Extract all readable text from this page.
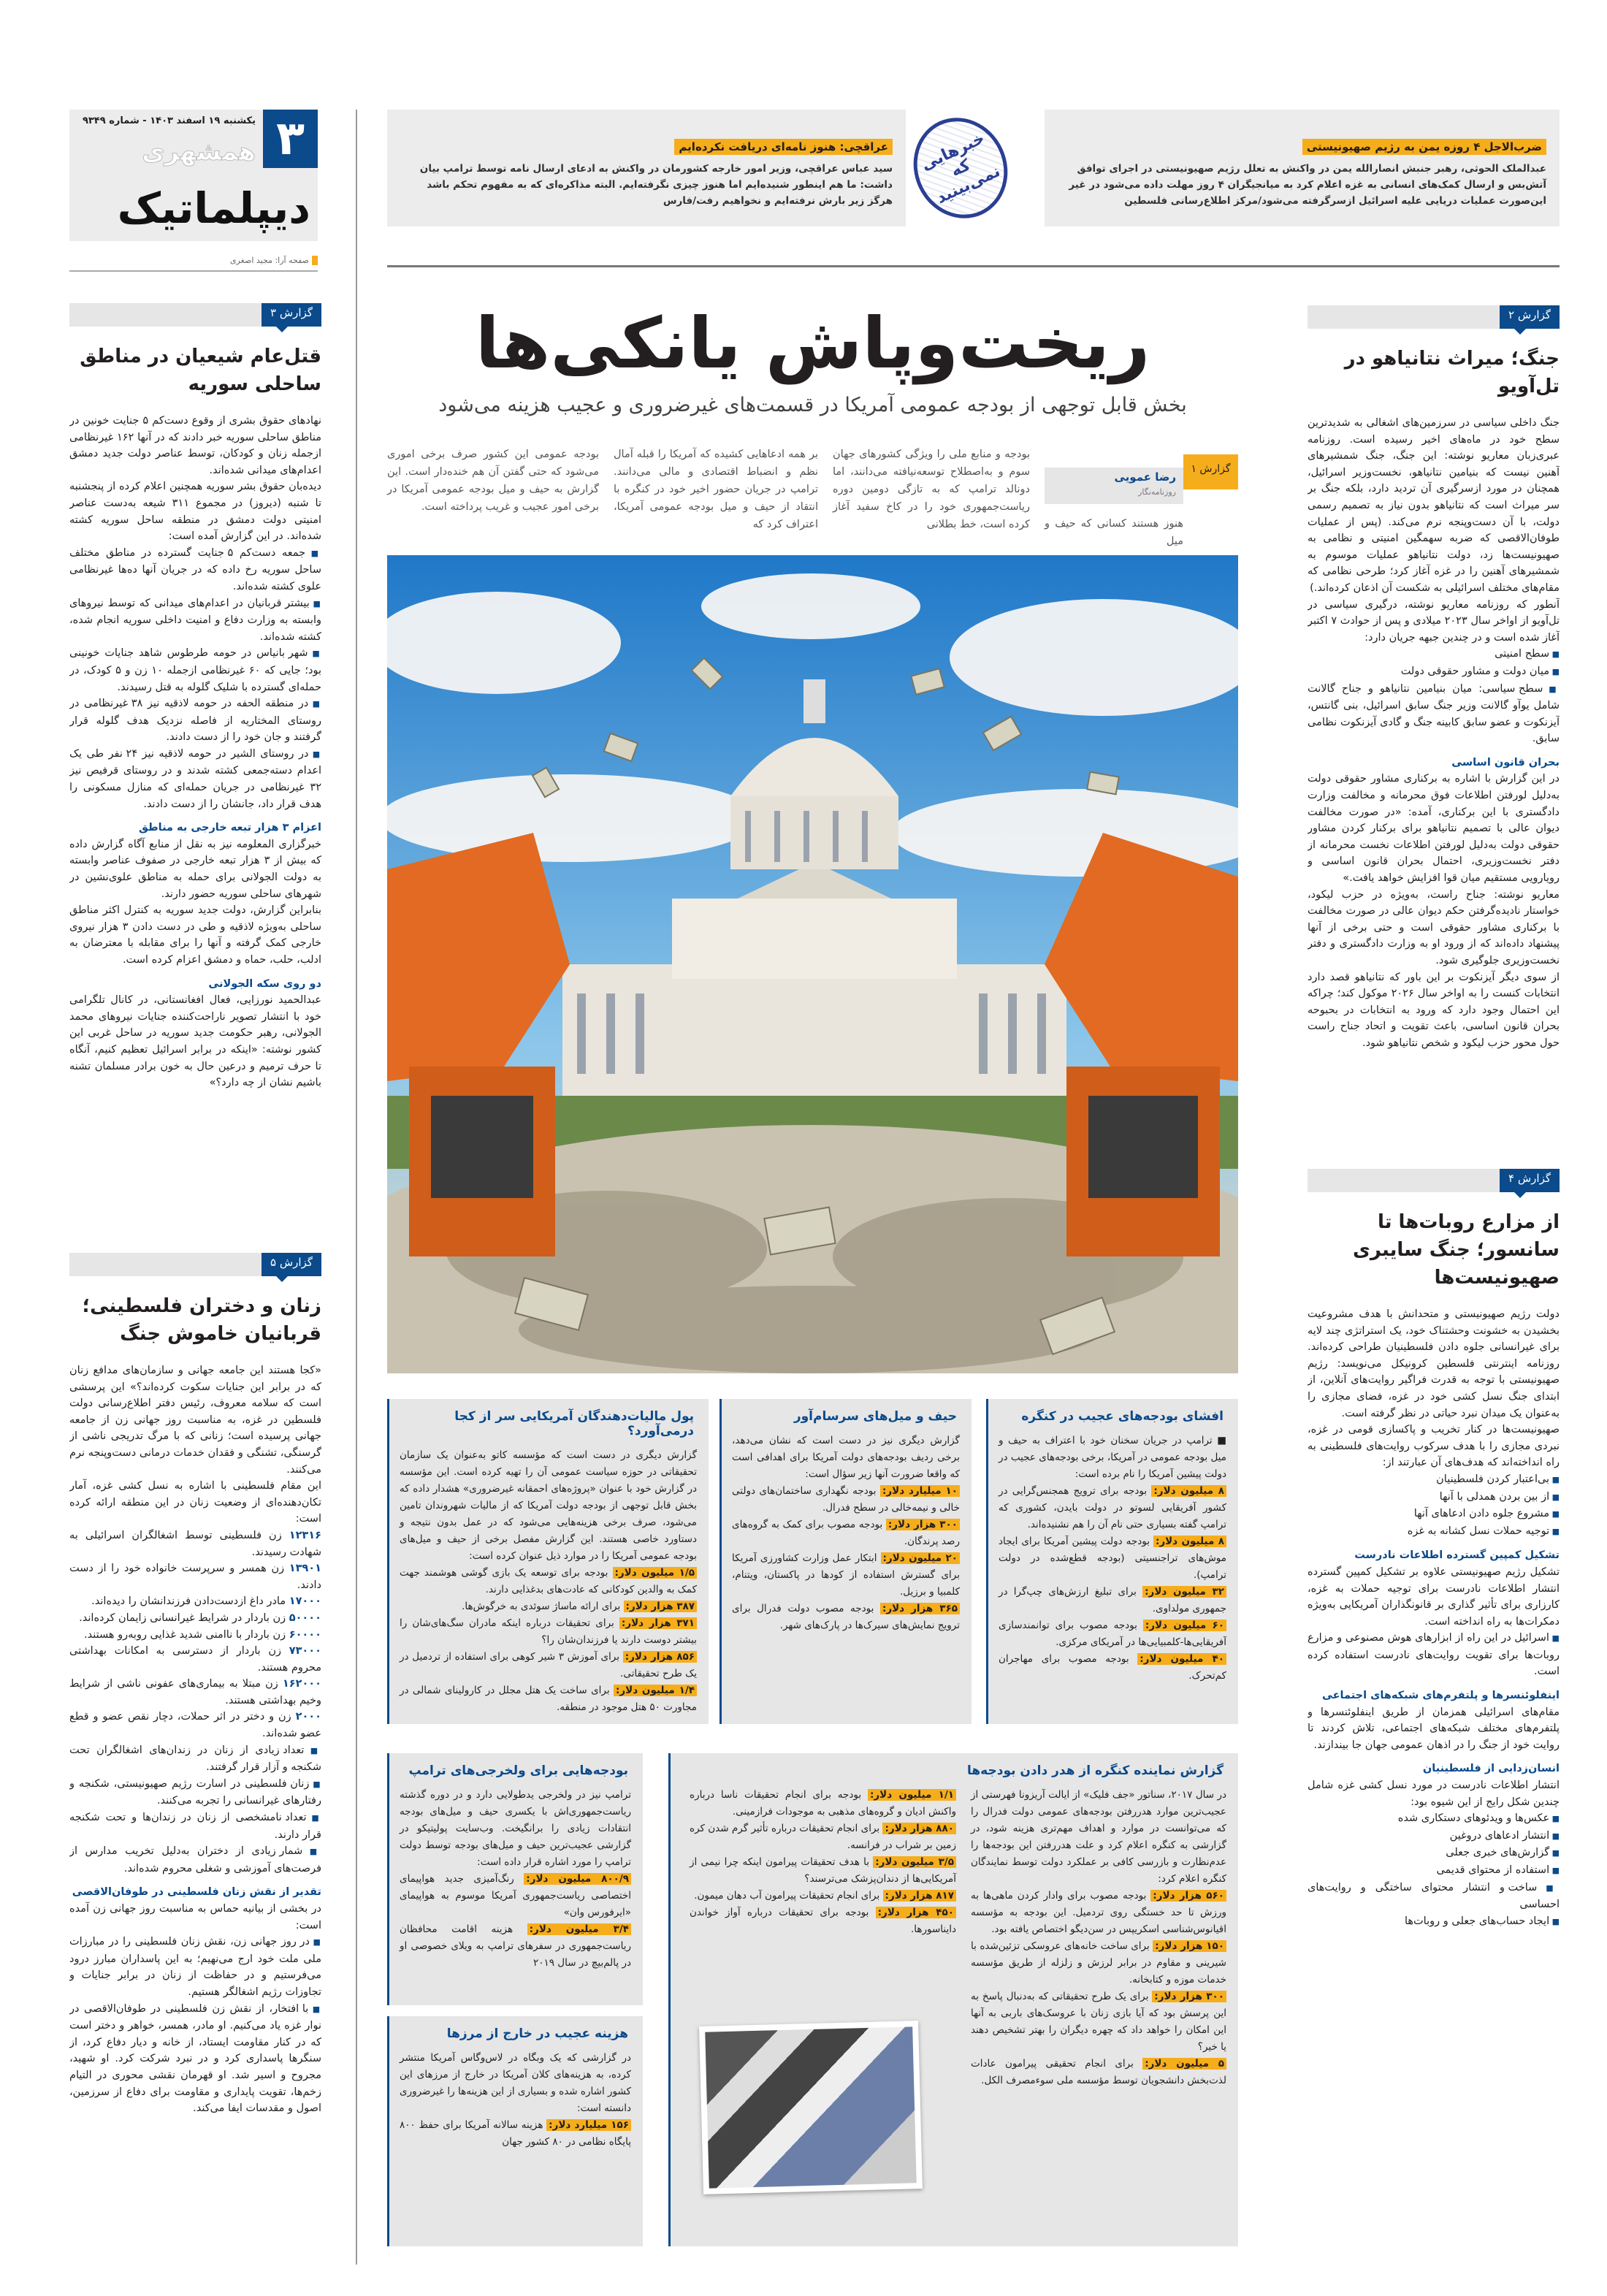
۳
یکشنبه ۱۹ اسفند ۱۴۰۳ - شماره ۹۳۴۹
همشهری
دیپلماتیک
صفحه آرا: مجید اصغری
ضرب‌الاجل ۴ روزه یمن به رژیم صهیونیستی

عبدالملک الحوثی، رهبر جنبش انصارالله یمن در واکنش به تعلل رژیم صهیونیستی در اجرای توافق آتش‌بس و ارسال کمک‌های انسانی به غزه اعلام کرد به میانجیگران ۴ روز مهلت داده می‌شود در غیر این‌صورت عملیات دریایی علیه اسرائیل ازسرگرفته می‌شود/مرکز اطلاع‌رسانی فلسطین

خبرهایی که نمی‌بینید
عراقچی: هنوز نامه‌ای دریافت نکرده‌ایم

سید عباس عراقچی، وزیر امور خارجه کشورمان در واکنش به ادعای ارسال نامه توسط ترامپ بیان داشت: ما هم اینطور شنیده‌ایم اما هنوز چیزی نگرفته‌ایم. البته مذاکره‌ای که به مفهوم تحکم باشد هرگز زیر بارش نرفته‌ایم و نخواهیم رفت/فارس

ریخت‌وپاش یانکی‌ها
بخش قابل توجهی از بودجه عمومی آمریکا در قسمت‌های غیرضروری و عجیب هزینه می‌شود
گزارش ۱
رضا عمویی
روزنامه‌نگار
هنوز هستند کسانی که حیف و میل
بودجه و منابع ملی را ویژگی کشورهای جهان سوم و به‌اصطلاح توسعه‌نیافته می‌دانند، اما دونالد ترامپ که به تازگی دومین دوره ریاست‌جمهوری خود را در کاخ سفید آغاز کرده است، خط بطلانی
بر همه ادعاهایی کشیده که آمریکا را قبله آمال نظم و انضباط اقتصادی و مالی می‌دانند. ترامپ در جریان حضور اخیر خود در کنگره با انتقاد از حیف و میل بودجه عمومی آمریکا، اعتراف کرد که
بودجه عمومی این کشور صرف برخی اموری می‌شود که حتی گفتن آن هم خنده‌دار است. این گزارش به حیف و میل بودجه عمومی آمریکا در برخی امور عجیب و غریب پرداخته است.
افشای بودجه‌های عجیب در کنگره
■ ترامپ در جریان سخنان خود با اعتراف به حیف و میل بودجه عمومی در آمریکا، برخی بودجه‌های عجیب در دولت پیشین آمریکا را نام برده است:
۸ میلیون دلار: بودجه برای ترویج همجنس‌گرایی در کشور آفریقایی لسوتو در دولت بایدن، کشوری که ترامپ گفته بسیاری حتی نام آن را هم نشنیده‌اند.
۸ میلیون دلار: بودجه دولت پیشین آمریکا برای ایجاد موش‌های تراجنسیتی (بودجه قطع‌شده در دولت ترامپ).
۳۲ میلیون دلار: برای تبلیغ ارزش‌های چپ‌گرا در جمهوری مولداوی.
۶۰ میلیون دلار: بودجه مصوب برای توانمندسازی آفریقایی‌ها-کلمبیایی‌ها در آمریکای مرکزی.
۴۰ میلیون دلار: بودجه مصوب برای مهاجران کم‌تحرک.
حیف و میل‌های سرسام‌آور
گزارش دیگری نیز در دست است که نشان می‌دهد، برخی ردیف بودجه‌های دولت آمریکا برای اهدافی است که واقعا ضرورت آنها زیر سؤال است:
۱۰ میلیارد دلار: بودجه نگهداری ساختمان‌های دولتی خالی و نیمه‌خالی در سطح فدرال.
۳۰۰ هزار دلار: بودجه مصوب برای کمک به گروه‌های رصد پرندگان.
۲۰ میلیون دلار: ابتکار عمل وزارت کشاورزی آمریکا برای گسترش استفاده از کودها در پاکستان، ویتنام، کلمبیا و برزیل.
۳۶۵ هزار دلار: بودجه مصوب دولت فدرال برای ترویج نمایش‌های سیرک‌ها در پارک‌های شهر.
پول مالیات‌دهندگان آمریکایی سر از کجا درمی‌آورد؟
گزارش دیگری در دست است که مؤسسه کاتو به‌عنوان یک سازمان تحقیقاتی در حوزه سیاست عمومی آن را تهیه کرده است. این مؤسسه در گزارش خود با عنوان «پروژه‌های احمقانه غیرضروری» هشدار داده که بخش قابل توجهی از بودجه دولت آمریکا که از مالیات شهروندان تامین می‌شود، صرف برخی هزینه‌هایی می‌شود که در عمل بدون نتیجه و دستاورد خاصی هستند. این گزارش مفصل برخی از حیف و میل‌های بودجه عمومی آمریکا را در موارد ذیل عنوان کرده است:
۱/۵ میلیون دلار: بودجه برای توسعه یک بازی گوشی هوشمند جهت کمک به والدین کودکانی که عادت‌های بدغذایی دارند.
۳۸۷ هزار دلار: برای ارائه ماساژ سوئدی به خرگوش‌ها.
۳۷۱ هزار دلار: برای تحقیقات درباره اینکه مادران سگ‌های‌شان را بیشتر دوست دارند یا فرزندان‌شان را؟
۸۵۶ هزار دلار: برای آموزش ۳ شیر کوهی برای استفاده از تردمیل در یک طرح تحقیقاتی.
۱/۴ میلیون دلار: برای ساخت یک هتل مجلل در کارولینای شمالی در مجاورت ۵۰ هتل موجود در منطقه.
گزارش نماینده کنگره از هدر دادن بودجه‌ها
در سال ۲۰۱۷، سناتور «جف فلیک» از ایالت آریزونا فهرستی از عجیب‌ترین موارد هدررفتن بودجه‌های عمومی دولت فدرال را که می‌توانست در موارد و اهداف مهم‌تری هزینه شود، در گزارشی به کنگره اعلام کرد و علت هدررفتن این بودجه‌ها را عدم‌نظارت و بازرسی کافی بر عملکرد دولت توسط نمایندگان کنگره اعلام کرد:
۵۶۰ هزار دلار: بودجه مصوب برای وادار کردن ماهی‌ها به ورزش تا حد خستگی روی تردمیل. این بودجه به مؤسسه اقیانوس‌شناسی اسکریپس در سن‌دیگو اختصاص یافته بود.
۱۵۰ هزار دلار: برای ساخت خانه‌های عروسکی تزئین‌شده با شیرینی و مقاوم در برابر لرزش و زلزله از طریق مؤسسه خدمات موزه و کتابخانه.
۳۰۰ هزار دلار: برای یک طرح تحقیقاتی که به‌دنبال پاسخ به این پرسش بود که آیا بازی زنان با عروسک‌های باربی به آنها این امکان را خواهد داد که چهره دیگران را بهتر تشخیص دهند یا خیر؟
۵ میلیون دلار: برای انجام تحقیقی پیرامون عادات لذت‌بخش دانشجویان توسط مؤسسه ملی سوءمصرف الکل.
۱/۱ میلیون دلار: بودجه برای انجام تحقیقات ناسا درباره واکنش ادیان و گروه‌های مذهبی به موجودات فرازمینی.
۸۸۰ هزار دلار: برای انجام تحقیقات درباره تأثیر گرم شدن کره زمین بر شراب در فرانسه.
۳/۵ میلیون دلار: با هدف تحقیقات پیرامون اینکه چرا نیمی از آمریکایی‌ها از دندان‌پزشک می‌ترسند؟
۸۱۷ هزار دلار: برای انجام تحقیقات پیرامون آب دهان میمون.
۴۵۰ هزار دلار: بودجه برای تحقیقات درباره آواز خواندن دایناسورها.
بودجه‌هایی برای ولخرجی‌های ترامپ
ترامپ نیز در ولخرجی یدطولایی دارد و در دوره گذشته ریاست‌جمهوری‌اش با یکسری حیف و میل‌های بودجه انتقادات زیادی را برانگیخت. وب‌سایت پولیتیکو در گزارشی عجیب‌ترین حیف و میل‌های بودجه توسط دولت ترامپ را مورد اشاره قرار داده است:
۸۰۰/۹ میلیون دلار: رنگ‌آمیزی جدید هواپیمای اختصاصی ریاست‌جمهوری آمریکا موسوم به هواپیمای «ایرفورس وان»
۳/۴ میلیون دلار: هزینه اقامت محافظان ریاست‌جمهوری در سفرهای ترامپ به ویلای خصوصی او در پالم‌بیچ در سال ۲۰۱۹
هزینه عجیب در خارج از مرزها
در گزارشی که یک وبگاه در لاس‌وگاس آمریکا منتشر کرده، به هزینه‌های کلان آمریکا در خارج از مرزهای این کشور اشاره شده و بسیاری از این هزینه‌ها را غیرضروری دانسته است:
۱۵۶ میلیارد دلار: هزینه سالانه آمریکا برای حفظ ۸۰۰ پایگاه نظامی در ۸۰ کشور جهان
گزارش ۲
جنگ؛ میراث نتانیاهو در تل‌آویو

جنگ داخلی سیاسی در سرزمین‌های اشغالی به شدیدترین سطح خود در ماه‌های اخیر رسیده است. روزنامه عبری‌زبان معاریو نوشته: این جنگ، جنگ شمشیرهای آهنین نیست که بنیامین نتانیاهو، نخست‌وزیر اسرائیل، همچنان در مورد ازسرگیری آن تردید دارد، بلکه جنگ بر سر میراث است که نتانیاهو بدون نیاز به تصمیم رسمی دولت، با آن دست‌وپنجه نرم می‌کند. (پس از عملیات طوفان‌الاقصی که ضربه سهمگین امنیتی و نظامی به صهیونیست‌ها زد، دولت نتانیاهو عملیات موسوم به شمشیرهای آهنین را در غزه آغاز کرد؛ طرحی نظامی که مقام‌های مختلف اسرائیلی به شکست آن اذعان کرده‌اند.)

آنطور که روزنامه معاریو نوشته، درگیری سیاسی در تل‌آویو از اواخر سال ۲۰۲۳ میلادی و پس از حوادث ۷ اکتبر آغاز شده است و در چندین جبهه جریان دارد:

■ سطح امنیتی

■ میان دولت و مشاور حقوقی دولت

■ سطح سیاسی: میان بنیامین نتانیاهو و جناح گالانت شامل یوآو گالانت وزیر جنگ سابق اسرائیل، بنی گانتس، آیزنکوت و عضو سابق کابینه جنگ و گادی آیزنکوت نظامی سابق.

بحران قانون اساسی

در این گزارش با اشاره به برکناری مشاور حقوقی دولت به‌دلیل لورفتن اطلاعات فوق محرمانه و مخالفت وزارت دادگستری با این برکناری، آمده: «در صورت مخالفت دیوان عالی با تصمیم نتانیاهو برای برکنار کردن مشاور حقوقی دولت به‌دلیل لورفتن اطلاعات نخست محرمانه از دفتر نخست‌وزیری، احتمال بحران قانون اساسی و رویارویی مستقیم میان قوا افزایش خواهد یافت.»

معاریو نوشته: جناح راست، به‌ویژه در حزب لیکود، خواستار نادیده‌گرفتن حکم دیوان عالی در صورت مخالفت با برکناری مشاور حقوقی است و حتی برخی از آنها پیشنهاد داده‌اند که از ورود او به وزارت دادگستری و دفتر نخست‌وزیری جلوگیری شود.

از سوی دیگر آیزنکوت بر این باور که نتانیاهو قصد دارد انتخابات کنست را به اواخر سال ۲۰۲۶ موکول کند؛ چراکه این احتمال وجود دارد که ورود به انتخابات در بحبوحه بحران قانون اساسی، باعث تقویت و اتحاد جناح راست حول محور حزب لیکود و شخص نتانیاهو شود.

گزارش ۴
از مزارع روبات‌ها تا سانسور؛ جنگ سایبری صهیونیست‌ها

دولت رژیم صهیونیستی و متحدانش با هدف مشروعیت بخشیدن به خشونت وحشتناک خود، یک استراتژی چند لایه برای غیرانسانی جلوه دادن فلسطینیان طراحی کرده‌اند. روزنامه اینترنتی فلسطین کرونیکل می‌نویسد: رژیم صهیونیستی با توجه به قدرت فراگیر روایت‌های آنلاین، از ابتدای جنگ نسل کشی خود در غزه، فضای مجازی را به‌عنوان یک میدان نبرد حیاتی در نظر گرفته است.

صهیونیست‌ها در کنار تخریب و پاکسازی قومی در غزه، نبردی مجازی را با هدف سرکوب روایت‌های فلسطینی به راه انداخته‌اند که هدف‌های آن عبارتند از:

■ بی‌اعتبار کردن فلسطینیان

■ از بین بردن همدلی با آنها

■ مشروع جلوه دادن ادعاهای آنها

■ توجیه حملات نسل کشانه به غزه

تشکیل کمپین گسترده اطلاعات نادرست

تشکیل رژیم صهیونیستی علاوه بر تشکیل کمپین گسترده انتشار اطلاعات نادرست برای توجیه حملات به غزه، کارزاری برای تأثیر گذاری بر قانونگذاران آمریکایی به‌ویژه دمکرات‌ها به راه انداخته است.

■ اسرائیل در این راه از ابزارهای هوش مصنوعی و مزارع روبات‌ها برای تقویت روایت‌های نادرست استفاده کرده است.

اینفلوئنسرها و پلتفرم‌های شبکه‌های اجتماعی

مقام‌های اسرائیلی همزمان از طریق اینفلوئنسرها و پلتفرم‌های مختلف شبکه‌های اجتماعی، تلاش کردند تا روایت خود از جنگ را در اذهان عمومی جهان جا بیندازند.

انسان‌زدایی از فلسطینیان

انتشار اطلاعات نادرست در مورد نسل کشی غزه شامل چندین شکل رایج از این شیوه بود:

■ عکس‌ها و ویدئوهای دستکاری شده

■ انتشار ادعاهای دروغین

■ گزارش‌های خبری جعلی

■ استفاده از محتوای قدیمی

■ ساخت و انتشار محتوای ساختگی و روایت‌های احساسی

■ ایجاد حساب‌های جعلی و روبات‌ها

گزارش ۳
قتل‌عام شیعیان در مناطق ساحلی سوریه

نهادهای حقوق بشری از وقوع دست‌کم ۵ جنایت خونین در مناطق ساحلی سوریه خبر دادند که در آنها ۱۶۲ غیرنظامی ازجمله زنان و کودکان، توسط عناصر دولت جدید دمشق اعدام‌های میدانی شده‌اند.

دیده‌بان حقوق بشر سوریه همچنین اعلام کرده از پنجشنبه تا شنبه (دیروز) در مجموع ۳۱۱ شیعه به‌دست عناصر امنیتی دولت دمشق در منطقه ساحل سوریه کشته شده‌اند. در این گزارش آمده است:

■ جمعه دست‌کم ۵ جنایت گسترده در مناطق مختلف ساحل سوریه رخ داده که در جریان آنها ده‌ها غیرنظامی علوی کشته شده‌اند.

■ بیشتر قربانیان در اعدام‌های میدانی که توسط نیروهای وابسته به وزارت دفاع و امنیت داخلی سوریه انجام شده، کشته شده‌اند.

■ شهر بانیاس در حومه طرطوس شاهد جنایات خونینی بود؛ جایی که ۶۰ غیرنظامی ازجمله ۱۰ زن و ۵ کودک، در حمله‌ای گسترده با شلیک گلوله به قتل رسیدند.

■ در منطقه الحفه در حومه لاذقیه نیز ۳۸ غیرنظامی در روستای المختاریه از فاصله نزدیک هدف گلوله قرار گرفتند و جان خود را از دست دادند.

■ در روستای الشیر در حومه لاذقیه نیز ۲۴ نفر طی یک اعدام دسته‌جمعی کشته شدند و در روستای قرفیص نیز ۳۲ غیرنظامی در جریان حمله‌ای که منازل مسکونی را هدف قرار داد، جانشان را از دست دادند.

اعزام ۳ هزار تبعه خارجی به مناطق

خبرگزاری المعلومه نیز به نقل از منابع آگاه گزارش داده که بیش از ۳ هزار تبعه خارجی در صفوف عناصر وابسته به دولت الجولانی برای حمله به مناطق علوی‌نشین در شهرهای ساحلی سوریه حضور دارند.

بنابراین گزارش، دولت جدید سوریه به کنترل اکثر مناطق ساحلی به‌ویژه لاذقیه و طی در دست دادن ۳ هزار نیروی خارجی کمک گرفته و آنها را برای مقابله با معترضان به ادلب، حلب، حماه و دمشق اعزام کرده است.

دو روی سکه الجولانی

عبدالحمید نورزایی، فعال افغانستانی، در کانال تلگرامی خود با انتشار تصویر ناراحت‌کننده جنایات نیروهای محمد الجولانی، رهبر حکومت جدید سوریه در ساحل غربی این کشور نوشته: «اینکه در برابر اسرائیل تعظیم کنیم، آنگاه تا حرف ترمیم و درعین حال به خون برادر مسلمان تشنه باشیم نشان از چه دارد؟»

گزارش ۵
زنان و دختران فلسطینی؛ قربانیان خاموش جنگ

«کجا هستند این جامعه جهانی و سازمان‌های مدافع زنان که در برابر این جنایات سکوت کرده‌اند؟» این پرسشی است که سلامه معروف، رئیس دفتر اطلاع‌رسانی دولت فلسطین در غزه، به مناسبت روز جهانی زن از جامعه جهانی پرسیده است؛ زنانی که با مرگ تدریجی ناشی از گرسنگی، تشنگی و فقدان خدمات درمانی دست‌وپنجه نرم می‌کنند.

این مقام فلسطینی با اشاره به نسل کشی غزه، آمار تکان‌دهنده‌ای از وضعیت زنان در این منطقه ارائه کرده است:

۱۲۳۱۶ زن فلسطینی توسط اشغالگران اسرائیلی به شهادت رسیدند.

۱۳۹۰۱ زن همسر و سرپرست خانواده خود را از دست دادند.

۱۷۰۰۰ مادر داغ ازدست‌دادن فرزندانشان را دیده‌اند.

۵۰۰۰۰ زن باردار در شرایط غیرانسانی زایمان کرده‌اند.

۶۰۰۰۰ زن باردار با ناامنی شدید غذایی روبه‌رو هستند.

۷۳۰۰۰ زن باردار از دسترسی به امکانات بهداشتی محروم هستند.

۱۶۲۰۰۰ زن مبتلا به بیماری‌های عفونی ناشی از شرایط وخیم بهداشتی هستند.

۲۰۰۰ زن و دختر در اثر حملات، دچار نقص عضو و قطع عضو شده‌اند.

■ تعداد زیادی از زنان در زندان‌های اشغالگران تحت شکنجه و آزار قرار گرفتند.

■ زنان فلسطینی در اسارت رژیم صهیونیستی، شکنجه و رفتارهای غیرانسانی را تجربه می‌کنند.

■ تعداد نامشخصی از زنان در زندان‌ها و تحت شکنجه قرار دارند.

■ شمار زیادی از دختران به‌دلیل تخریب مدارس از فرصت‌های آموزشی و شغلی محروم شده‌اند.

تقدیر از نقش زنان فلسطینی در طوفان‌الاقصی

در بخشی از بیانیه حماس به مناسبت روز جهانی زن آمده است:

■ در روز جهانی زن، نقش زنان فلسطینی را در مبارزات ملی ملت خود ارج می‌نهیم؛ به این پاسداران مبارز درود می‌فرستیم و در حفاظت از زنان در برابر جنایات و تجاوزات رژیم اشغالگر هستیم.

■ با افتخار، از نقش زن فلسطینی در طوفان‌الاقصی در نوار غزه یاد می‌کنیم. او مادر، همسر، خواهر و دختر است که در کنار مقاومت ایستاد، از خانه و دیار دفاع کرد، از سنگرها پاسداری کرد و در نبرد شرکت کرد. او شهید، مجروح و اسیر شد. او قهرمان نقشی محوری در التیام زخم‌ها، تقویت پایداری و مقاومت برای دفاع از سرزمین، اصول و مقدسات ایفا می‌کند.
